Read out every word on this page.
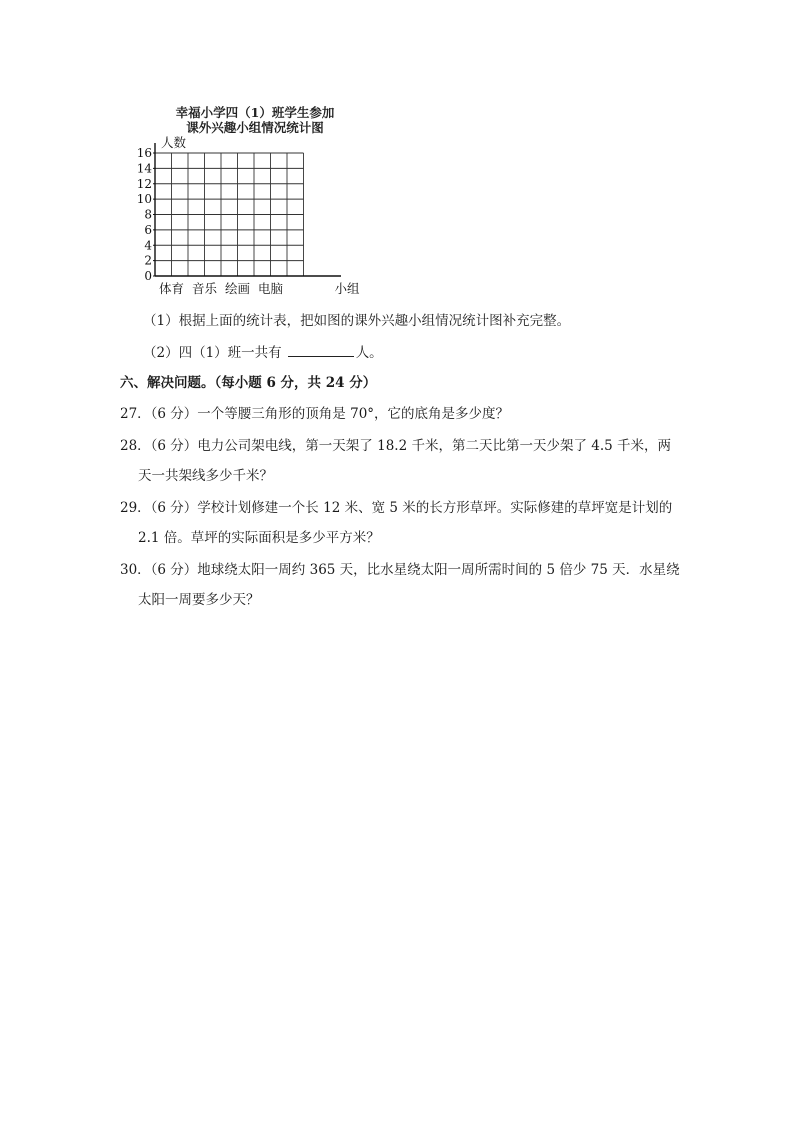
幸福小学四（1）班学生参加
课外兴趣小组情况统计图
0
2
4
6
8
10
12
14
16
人数
体育 音乐 绘画 电脑	小组
（1）根据上面的统计表，把如图的课外兴趣小组情况统计图补充完整。
（2）四（1）班一共有	人。
六、解决问题。（每小题 6 分，共 24 分）
27．（6 分）一个等腰三角形的顶角是 70°，它的底角是多少度？
28．（6 分）电力公司架电线，第一天架了 18.2 千米，第二天比第一天少架了 4.5 千米，两
天一共架线多少千米？
29．（6 分）学校计划修建一个长 12 米、宽 5 米的长方形草坪。实际修建的草坪宽是计划的
2.1 倍。草坪的实际面积是多少平方米？
30．（6 分）地球绕太阳一周约 365 天，比水星绕太阳一周所需时间的 5 倍少 75 天．水星绕
太阳一周要多少天？
